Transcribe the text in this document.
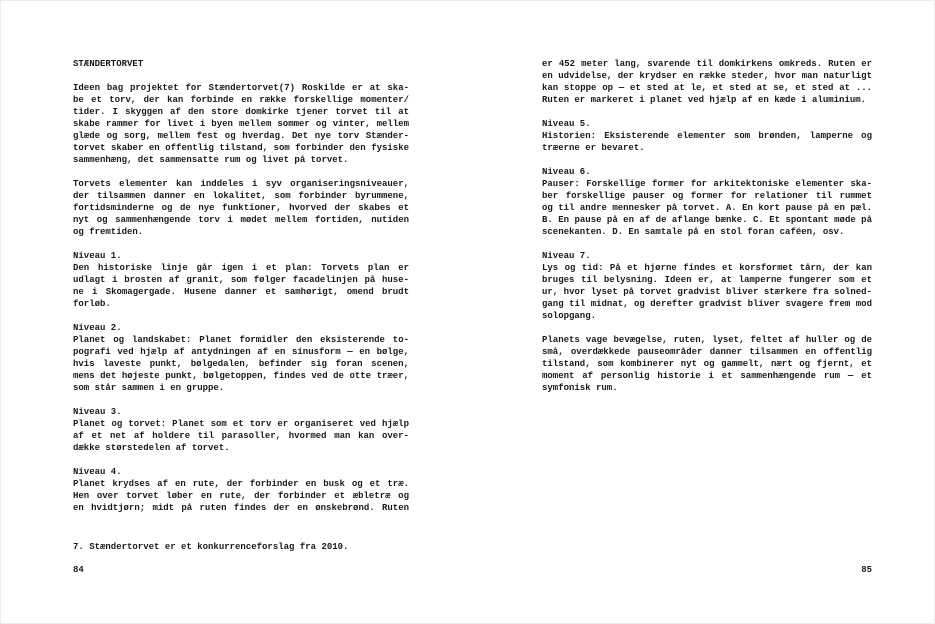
STÆNDERTORVET
Ideen bag projektet for Stændertorvet(7) Roskilde er at ska-
be et torv, der kan forbinde en række forskellige momenter/
tider. I skyggen af den store domkirke tjener torvet til at
skabe rammer for livet i byen mellem sommer og vinter, mellem
glæde og sorg, mellem fest og hverdag. Det nye torv Stænder-
torvet skaber en offentlig tilstand, som forbinder den fysiske
sammenhæng, det sammensatte rum og livet på torvet.
Torvets elementer kan inddeles i syv organiseringsniveauer,
der tilsammen danner en lokalitet, som forbinder byrummene,
fortidsminderne og de nye funktioner, hvorved der skabes et
nyt og sammenhængende torv i mødet mellem fortiden, nutiden
og fremtiden.
Niveau 1.
Den historiske linje går igen i et plan: Torvets plan er
udlagt i brosten af granit, som følger facadelinjen på huse-
ne i Skomagergade. Husene danner et samhørigt, omend brudt
forløb.
Niveau 2.
Planet og landskabet: Planet formidler den eksisterende to-
pografi ved hjælp af antydningen af en sinusform — en bølge,
hvis laveste punkt, bølgedalen, befinder sig foran scenen,
mens det højeste punkt, bølgetoppen, findes ved de otte træer,
som står sammen i en gruppe.
Niveau 3.
Planet og torvet: Planet som et torv er organiseret ved hjælp
af et net af holdere til parasoller, hvormed man kan over-
dække størstedelen af torvet.
Niveau 4.
Planet krydses af en rute, der forbinder en busk og et træ.
Hen over torvet løber en rute, der forbinder et æbletræ og
en hvidtjørn; midt på ruten findes der en ønskebrønd. Ruten
7. Stændertorvet er et konkurrenceforslag fra 2010.
84
er 452 meter lang, svarende til domkirkens omkreds. Ruten er
en udvidelse, der krydser en række steder, hvor man naturligt
kan stoppe op — et sted at le, et sted at se, et sted at ...
Ruten er markeret i planet ved hjælp af en kæde i aluminium.
Niveau 5.
Historien: Eksisterende elementer som brønden, lamperne og
træerne er bevaret.
Niveau 6.
Pauser: Forskellige former for arkitektoniske elementer ska-
ber forskellige pauser og former for relationer til rummet
og til andre mennesker på torvet. A. En kort pause på en pæl.
B. En pause på en af de aflange bænke. C. Et spontant møde på
scenekanten. D. En samtale på en stol foran caféen, osv.
Niveau 7.
Lys og tid: På et hjørne findes et korsformet tårn, der kan
bruges til belysning. Ideen er, at lamperne fungerer som et
ur, hvor lyset på torvet gradvist bliver stærkere fra solned-
gang til midnat, og derefter gradvist bliver svagere frem mod
solopgang.
Planets vage bevægelse, ruten, lyset, feltet af huller og de
små, overdækkede pauseområder danner tilsammen en offentlig
tilstand, som kombinerer nyt og gammelt, nært og fjernt, et
moment af personlig historie i et sammenhængende rum — et
symfonisk rum.
85
